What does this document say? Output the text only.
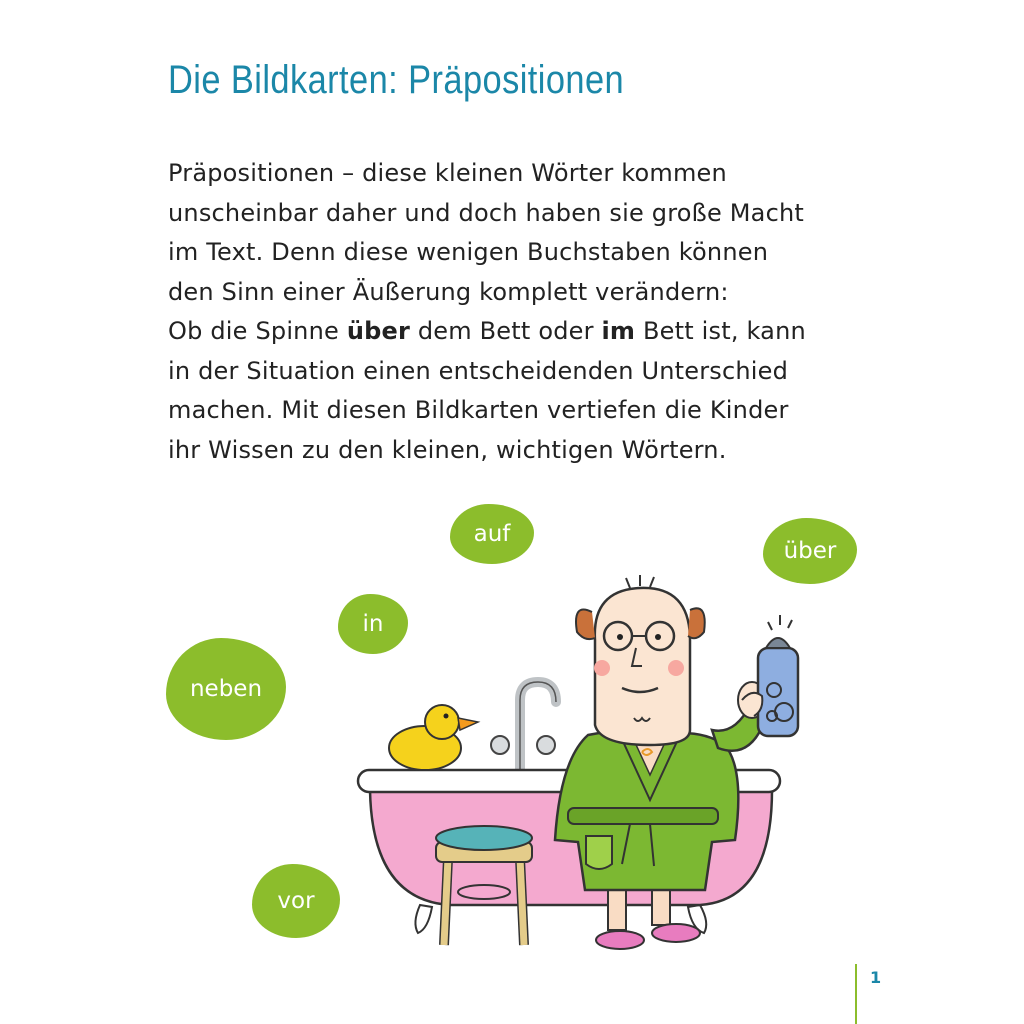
Die Bildkarten: Präpositionen

Präpositionen – diese kleinen Wörter kommen
unscheinbar daher und doch haben sie große Macht
im Text. Denn diese wenigen Buchstaben können
den Sinn einer Äußerung komplett verändern:
Ob die Spinne über dem Bett oder im Bett ist, kann
in der Situation einen entscheidenden Unterschied
machen. Mit diesen Bildkarten vertiefen die Kinder
ihr Wissen zu den kleinen, wichtigen Wörtern.

auf
über
in
neben
vor
1
